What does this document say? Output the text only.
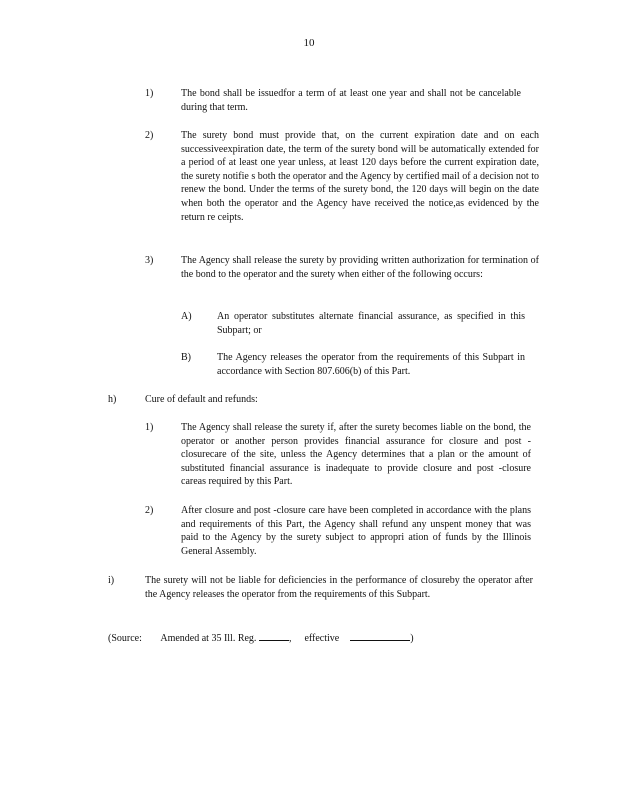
10
1)	The bond shall be issuedfor a term of at least one year and shall not be cancelable during that term.
2)	The surety bond must provide that, on the current expiration date and on each successiveexpiration date, the term of the surety bond will be automatically extended for a period of at least one year unless, at least 120 days before the current expiration date, the surety notifie s both the operator and the Agency by certified mail of a decision not to renew the bond. Under the terms of the surety bond, the 120 days will begin on the date when both the operator and the Agency have received the notice,as evidenced by the return re ceipts.
3)	The Agency shall release the surety by providing written authorization for termination of the bond to the operator and the surety when either of the following occurs:
A)	An operator substitutes alternate financial assurance, as specified in this Subpart; or
B)	The Agency releases the operator from the requirements of this Subpart in accordance with Section 807.606(b) of this Part.
h)	Cure of default and refunds:
1)	The Agency shall release the surety if, after the surety becomes liable on the bond, the operator or another person provides financial assurance for closure and post -closurecare of the site, unless the Agency determines that a plan or the amount of substituted financial assurance is inadequate to provide closure and post -closure careas required by this Part.
2)	After closure and post -closure care have been completed in accordance with the plans and requirements of this Part, the Agency shall refund any unspent money that was paid to the Agency by the surety subject to appropri ation of funds by the Illinois General Assembly.
i)	The surety will not be liable for deficiencies in the performance of closureby the operator after the Agency releases the operator from the requirements of this Subpart.
(Source: Amended at 35 Ill. Reg.	,  effective	)
